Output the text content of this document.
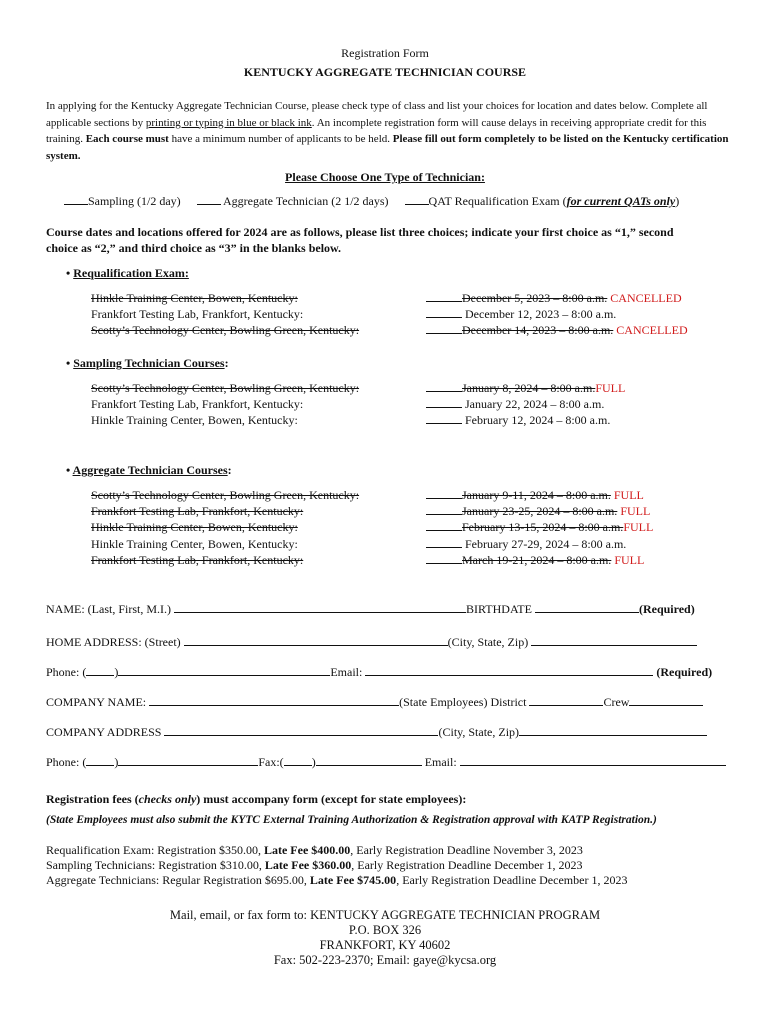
Registration Form
KENTUCKY AGGREGATE TECHNICIAN COURSE
In applying for the Kentucky Aggregate Technician Course, please check type of class and list your choices for location and dates below. Complete all applicable sections by printing or typing in blue or black ink. An incomplete registration form will cause delays in receiving appropriate credit for this training. Each course must have a minimum number of applicants to be held. Please fill out form completely to be listed on the Kentucky certification system.
Please Choose One Type of Technician:
Sampling (1/2 day)	Aggregate Technician (2 1/2 days)	QAT Requalification Exam (for current QATs only)
Course dates and locations offered for 2024 are as follows, please list three choices; indicate your first choice as “1,” second
choice as “2,” and third choice as “3” in the blanks below.
• Requalification Exam:
Hinkle Training Center, Bowen, Kentucky:	December 5, 2023 – 8:00 a.m. CANCELLED
Frankfort Testing Lab, Frankfort, Kentucky:	December 12, 2023 – 8:00 a.m.
Scotty’s Technology Center, Bowling Green, Kentucky:	December 14, 2023 – 8:00 a.m. CANCELLED
• Sampling Technician Courses:
Scotty’s Technology Center, Bowling Green, Kentucky:	January 8, 2024 – 8:00 a.m.FULL
Frankfort Testing Lab, Frankfort, Kentucky:	January 22, 2024 – 8:00 a.m.
Hinkle Training Center, Bowen, Kentucky:	February 12, 2024 – 8:00 a.m.
• Aggregate Technician Courses:
Scotty’s Technology Center, Bowling Green, Kentucky:	January 9-11, 2024 – 8:00 a.m. FULL
Frankfort Testing Lab, Frankfort, Kentucky:	January 23-25, 2024 – 8:00 a.m. FULL
Hinkle Training Center, Bowen, Kentucky:	February 13-15, 2024 – 8:00 a.m.FULL
Hinkle Training Center, Bowen, Kentucky:	February 27-29, 2024 – 8:00 a.m.
Frankfort Testing Lab, Frankfort, Kentucky:	March 19-21, 2024 – 8:00 a.m. FULL
NAME: (Last, First, M.I.)	BIRTHDATE	(Required)
HOME ADDRESS: (Street)	(City, State, Zip)
Phone: ( )	Email:	(Required)
COMPANY NAME:	(State Employees) District	Crew
COMPANY ADDRESS	(City, State, Zip)
Phone: ( )	Fax:( )	Email:
Registration fees (checks only) must accompany form (except for state employees):
(State Employees must also submit the KYTC External Training Authorization & Registration approval with KATP Registration.)
Requalification Exam: Registration $350.00, Late Fee $400.00, Early Registration Deadline November 3, 2023
Sampling Technicians: Registration $310.00, Late Fee $360.00, Early Registration Deadline December 1, 2023
Aggregate Technicians: Regular Registration $695.00, Late Fee $745.00, Early Registration Deadline December 1, 2023
Mail, email, or fax form to: KENTUCKY AGGREGATE TECHNICIAN PROGRAM
P.O. BOX 326
FRANKFORT, KY 40602
Fax: 502-223-2370; Email: gaye@kycsa.org
